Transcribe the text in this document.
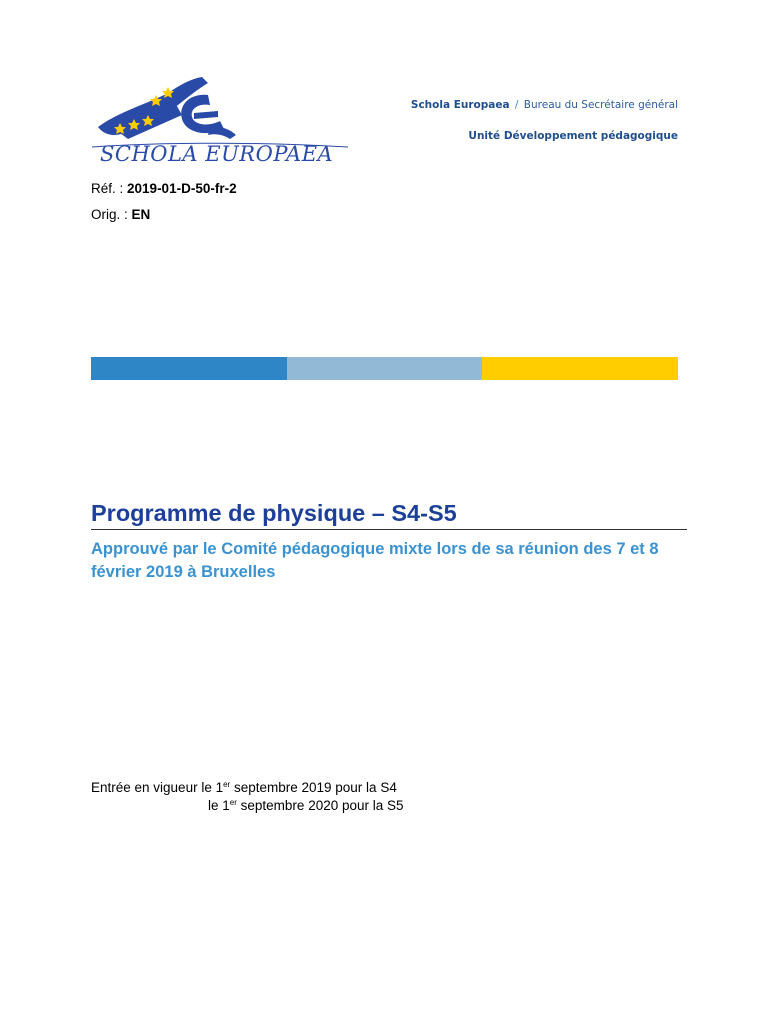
SCHOLA EUROPAEA
Schola Europaea / Bureau du Secrétaire général
Unité Développement pédagogique
Réf. : 2019-01-D-50-fr-2
Orig. : EN
Programme de physique – S4-S5
Approuvé par le Comité pédagogique mixte lors de sa réunion des 7 et 8 février 2019 à Bruxelles
Entrée en vigueur le 1er septembre 2019 pour la S4
le 1er septembre 2020 pour la S5
